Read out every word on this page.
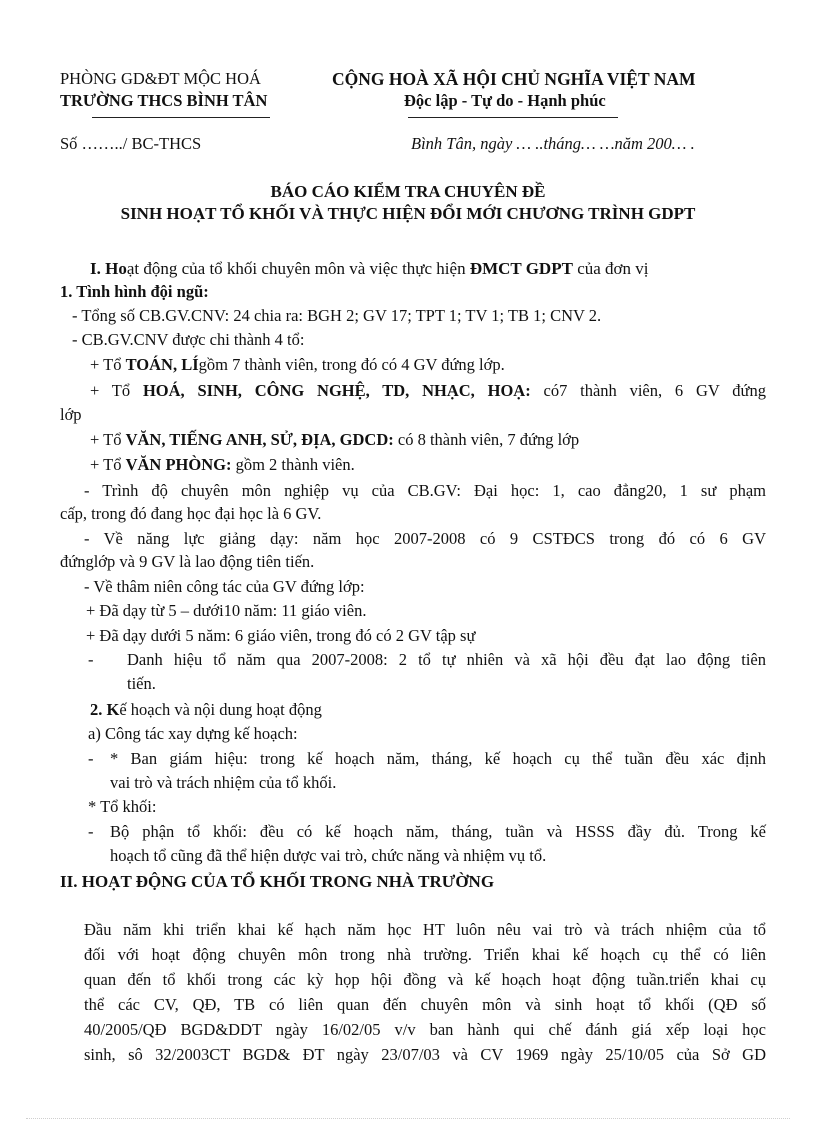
PHÒNG GD&ĐT MỘC HOÁ
TRƯỜNG THCS BÌNH TÂN
CỘNG HOÀ XÃ HỘI CHỦ NGHĨA VIỆT NAM
Độc lập - Tự do - Hạnh phúc
Số ……../ BC-THCS	Bình Tân, ngày … ..tháng… …năm 200… .
BÁO CÁO KIỂM TRA CHUYÊN ĐỀ
SINH HOẠT TỔ KHỐI VÀ THỰC HIỆN ĐỔI MỚI CHƯƠNG TRÌNH GDPT
I. Hoạt động của tổ khối chuyên môn và việc thực hiện ĐMCT GDPT của đơn vị
1. Tình hình đội ngũ:
- Tổng số CB.GV.CNV: 24 chia ra: BGH 2; GV 17; TPT 1; TV 1; TB 1; CNV 2.
- CB.GV.CNV được chi thành 4 tổ:
+ Tổ TOÁN, LÍgồm 7 thành viên, trong đó có 4 GV đứng lớp.
+ Tổ HOÁ, SINH, CÔNG NGHỆ, TD, NHẠC, HOẠ: có7 thành viên, 6 GV đứng
lớp
+ Tổ VĂN, TIẾNG ANH, SỬ, ĐỊA, GDCD: có 8 thành viên, 7 đứng lớp
+ Tổ VĂN PHÒNG: gồm 2 thành viên.
- Trình độ chuyên môn nghiệp vụ của CB.GV: Đại học: 1, cao đẳng20, 1 sư phạm
cấp, trong đó đang học đại học là 6 GV.
- Về năng lực giảng dạy: năm học 2007-2008 có 9 CSTĐCS trong đó có 6 GV
đứnglớp và 9 GV là lao động tiên tiến.
- Về thâm niên công tác của GV đứng lớp:
+ Đã dạy từ 5 – dưới10 năm: 11 giáo viên.
+ Đã dạy dưới 5 năm: 6 giáo viên, trong đó có 2 GV tập sự
- Danh hiệu tổ năm qua 2007-2008: 2 tổ tự nhiên và xã hội đều đạt lao động tiên
tiến.
2. Kế hoạch và nội dung hoạt động
a) Công tác xay dựng kế hoạch:
- * Ban giám hiệu: trong kế hoạch năm, tháng, kế hoạch cụ thể tuần đều xác định
vai trò và trách nhiệm của tổ khối.
* Tổ khối:
- Bộ phận tổ khối: đều có kế hoạch năm, tháng, tuần và HSSS đầy đủ. Trong kế
hoạch tổ cũng đã thể hiện dược vai trò, chức năng và nhiệm vụ tổ.
II. HOẠT ĐỘNG CỦA TỔ KHỐI TRONG NHÀ TRƯỜNG
Đầu năm khi triển khai kế hạch năm học HT luôn nêu vai trò và trách nhiệm của tổ
đối với hoạt động chuyên môn trong nhà trường. Triển khai kế hoạch cụ thể có liên
quan đến tổ khối trong các kỳ họp hội đồng và kế hoạch hoạt động tuần.triển khai cụ
thể các CV, QĐ, TB có liên quan đến chuyên môn và sinh hoạt tổ khối (QĐ số
40/2005/QĐ BGD&DDT ngày 16/02/05 v/v ban hành qui chế đánh giá xếp loại học
sinh, sô 32/2003CT BGD& ĐT ngày 23/07/03 và CV 1969 ngày 25/10/05 của Sở GD
